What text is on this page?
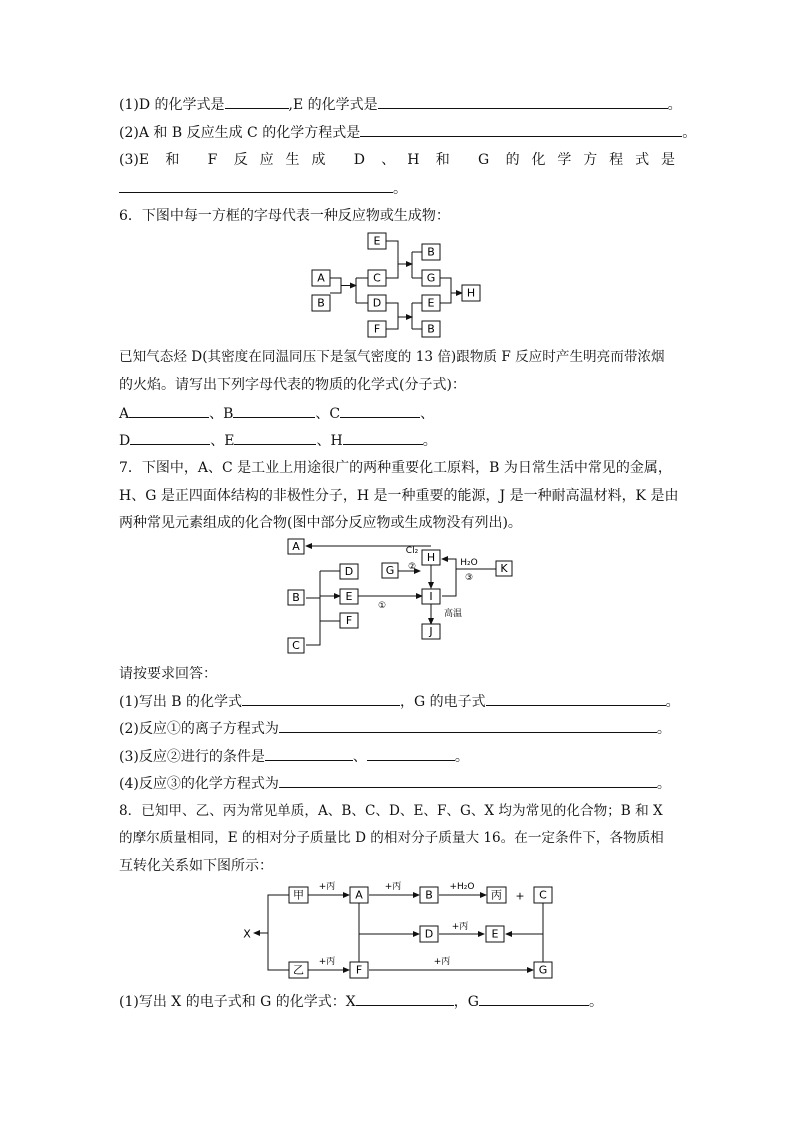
(1)D 的化学式是	,E 的化学式是	。
(2)A 和 B 反应生成 C 的化学方程式是	。
(3)E 和 F 反应生成 D 、H 和 G 的化学方程式是
。
6．下图中每一方框的字母代表一种反应物或生成物：
已知气态烃 D(其密度在同温同压下是氢气密度的 13 倍)跟物质 F 反应时产生明亮而带浓烟
的火焰。请写出下列字母代表的物质的化学式(分子式)：
A	、B	、C	、
D	、E	、H	。
7．下图中，A、C 是工业上用途很广的两种重要化工原料，B 为日常生活中常见的金属，
H、G 是正四面体结构的非极性分子，H 是一种重要的能源，J 是一种耐高温材料，K 是由
两种常见元素组成的化合物(图中部分反应物或生成物没有列出)。
请按要求回答：
(1)写出 B 的化学式	，G 的电子式	。
(2)反应①的离子方程式为	。
(3)反应②进行的条件是	、	。
(4)反应③的化学方程式为	。
8．已知甲、乙、丙为常见单质，A、B、C、D、E、F、G、X 均为常见的化合物；B 和 X
的摩尔质量相同，E 的相对分子质量比 D 的相对分子质量大 16。在一定条件下，各物质相
互转化关系如下图所示：
(1)写出 X 的电子式和 G 的化学式：X	，G	。
E
B
A	C	G
H
B	D	E
F	B
Cl₂
②	H₂O
③
①
高温
A
G
H
K
D
B	E	I
F
C
J
X
+丙	+丙	+H₂O
+
+丙
+丙	+丙
甲	A	B	丙	C
D	E
乙	F	G
